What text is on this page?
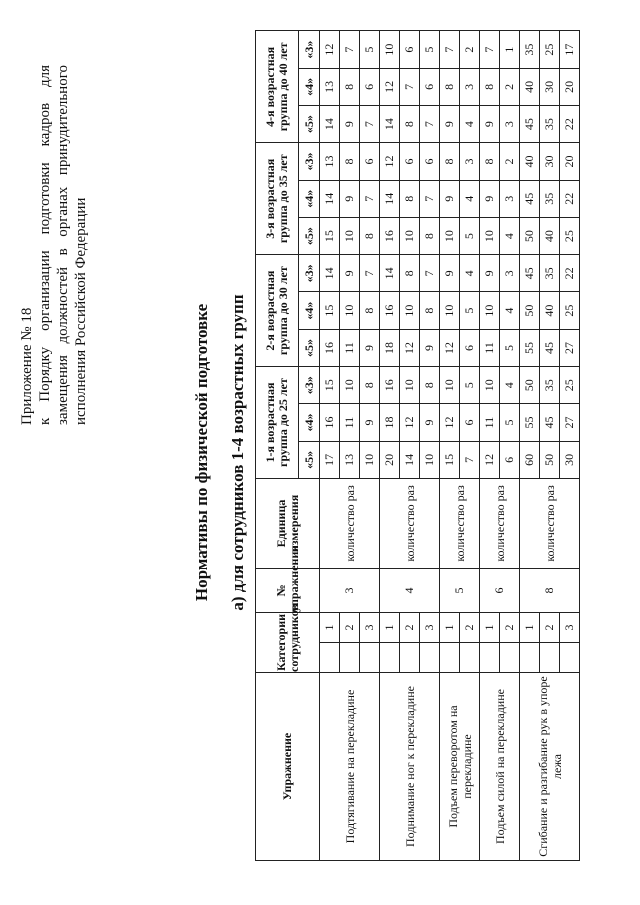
Приложение № 18 к Порядку организации подготовки кадров для замещения должностей в органах принудительного исполнения Российской Федерации	Нормативы по физической подготовке а) для сотрудников 1-4 возрастных групп
Упражнение	Категории сотрудников		№ упражнения	Единица измерения	1-я возрастная группа до 25 лет			2-я возрастная группа до 30 лет			3-я возрастная группа до 35 лет			4-я возрастная группа до 40 лет		
					«5»	«4»	«3»	«5»	«4»	«3»	«5»	«4»	«3»	«5»	«4»	«3»
Подтягивание на перекладине		1	3	количество раз	17	16	15	16	15	14	15	14	13	14	13	12
		2			13	11	10	11	10	9	10	9	8	9	8	7
		3			10	9	8	9	8	7	8	7	6	7	6	5
Поднимание ног к перекладине		1	4	количество раз	20	18	16	18	16	14	16	14	12	14	12	10
		2			14	12	10	12	10	8	10	8	6	8	7	6
		3			10	9	8	9	8	7	8	7	6	7	6	5
Подъем переворотом на перекладине		1	5	количество раз	15	12	10	12	10	9	10	9	8	9	8	7
		2			7	6	5	6	5	4	5	4	3	4	3	2
Подъем силой на перекладине		1	6	количество раз	12	11	10	11	10	9	10	9	8	9	8	7
		2			6	5	4	5	4	3	4	3	2	3	2	1
Сгибание и разгибание рук в упоре лежа		1	8	количество раз	60	55	50	55	50	45	50	45	40	45	40	35
		2			50	45	35	45	40	35	40	35	30	35	30	25
		3			30	27	25	27	25	22	25	22	20	22	20	17
